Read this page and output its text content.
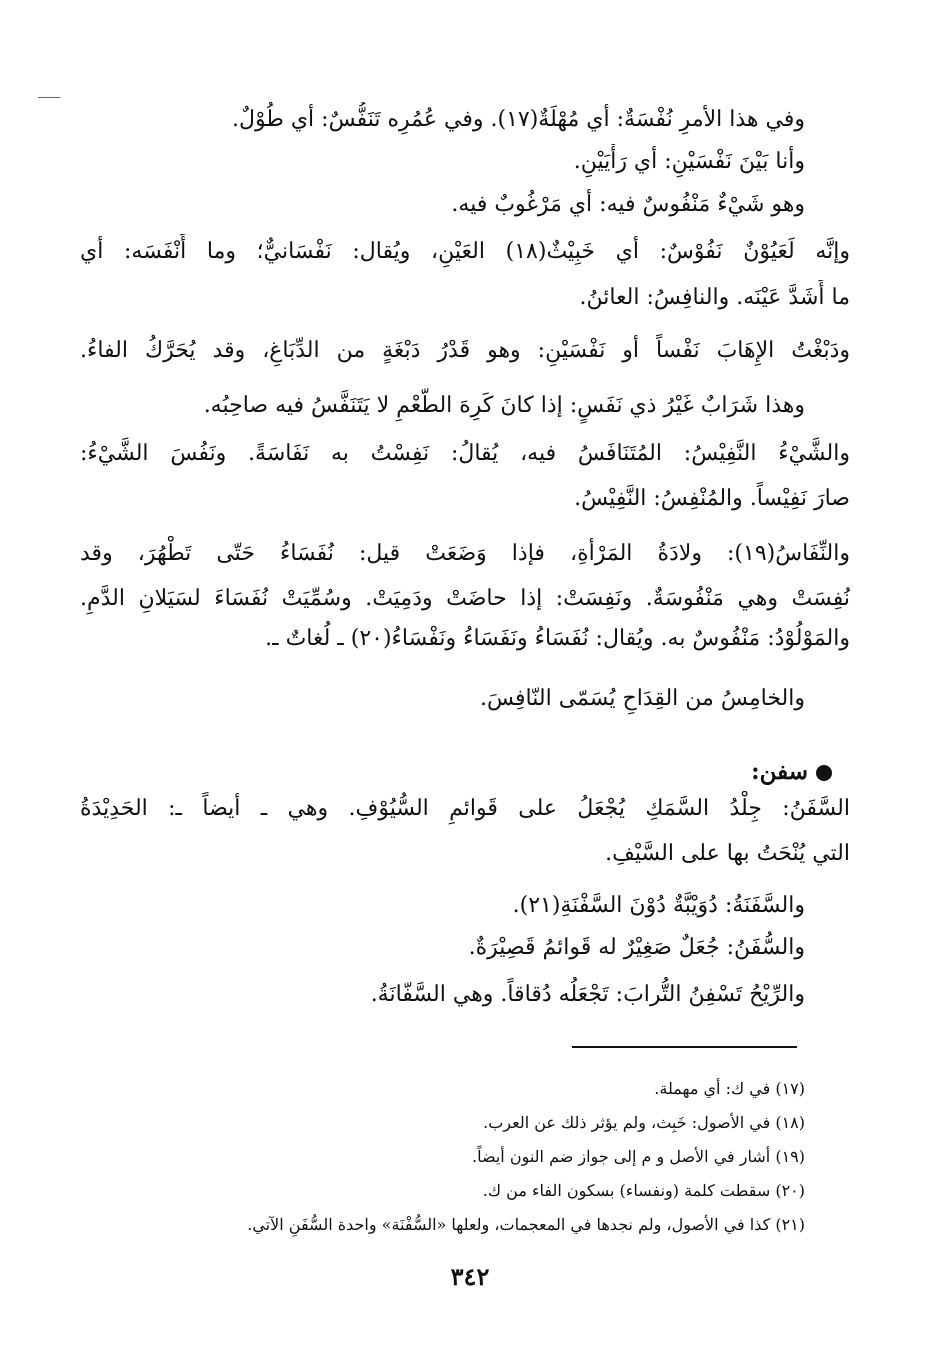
وفي هذا الأمرِ نُفْسَةٌ: أي مُهْلَةٌ(١٧). وفي عُمُرِه تَنَفُّسٌ: أي طُوْلٌ.
وأنا بَيْنَ نَفْسَيْنِ: أي رَأْيَيْنِ.
وهو شَيْءٌ مَنْفُوسٌ فيه: أي مَرْغُوبٌ فيه.
وإنَّه لَعَيُوْنٌ نَفُوْسٌ: أي خَبِيْثٌ(١٨) العَيْنِ، ويُقال: نَفْسَانيٌّ؛ وما أَنْفَسَه: أي
ما أَشَدَّ عَيْنَه. والنافِسُ: العائنُ.
ودَبْغْتُ الإِهَابَ نَفْساً أو نَفْسَيْنِ: وهو قَدْرُ دَبْغَةٍ من الدِّبَاغِ، وقد يُحَرَّكُ الفاءُ.
وهذا شَرَابٌ غَيْرُ ذي نَفَسٍ: إذا كانَ كَرِهَ الطَّعْمِ لا يَتَنَفَّسُ فيه صاحِبُه.
والشَّيْءُ النَّفِيْسُ: المُتَنَافَسُ فيه، يُقالُ: نَفِسْتُ به نَفَاسَةً. ونَفُسَ الشَّيْءُ:
صارَ نَفِيْساً. والمُنْفِسُ: النَّفِيْسُ.
والنِّفَاسُ(١٩): ولادَةُ المَرْأةِ، فإذا وَضَعَتْ قيل: نُفَسَاءُ حَتّى تَطْهُرَ، وقد
نُفِسَتْ وهي مَنْفُوسَةٌ. ونَفِسَتْ: إذا حاضَتْ ودَمِيَتْ. وسُمِّيَتْ نُفَسَاءَ لسَيَلانِ الدَّمِ.
والمَوْلُوْدُ: مَنْفُوسٌ به. ويُقال: نُفَسَاءُ ونَفَسَاءُ ونَفْسَاءُ(٢٠) ـ لُغاتٌ ـ.
والخامِسُ من القِدَاحِ يُسَمّى النّافِسَ.
سفن:
السَّفَنُ: جِلْدُ السَّمَكِ يُجْعَلُ على قَوائمِ السُّيُوْفِ. وهي ـ أيضاً ـ: الحَدِيْدَةُ
التي يُنْحَتُ بها على السَّيْفِ.
والسَّفَنَةُ: دُوَيْبَّةٌ دُوْنَ السَّفْنَةِ(٢١).
والسُّفَنُ: جُعَلٌ صَغِيْرٌ له قَوائمُ قَصِيْرَةٌ.
والرِّيْحُ تَسْفِنُ التُّرابَ: تَجْعَلُه دُقاقاً. وهي السَّفّانَةُ.
(١٧) في ك: أي مهملة.
(١٨) في الأصول: خَبِث، ولم يؤثر ذلك عن العرب.
(١٩) أشار في الأصل و م إلى جواز ضم النون أيضاً.
(٢٠) سقطت كلمة (ونفساء) بسكون الفاء من ك.
(٢١) كذا في الأصول، ولم نجدها في المعجمات، ولعلها «السُّفْنَة» واحدة السُّفَنِ الآتي.
٣٤٢
